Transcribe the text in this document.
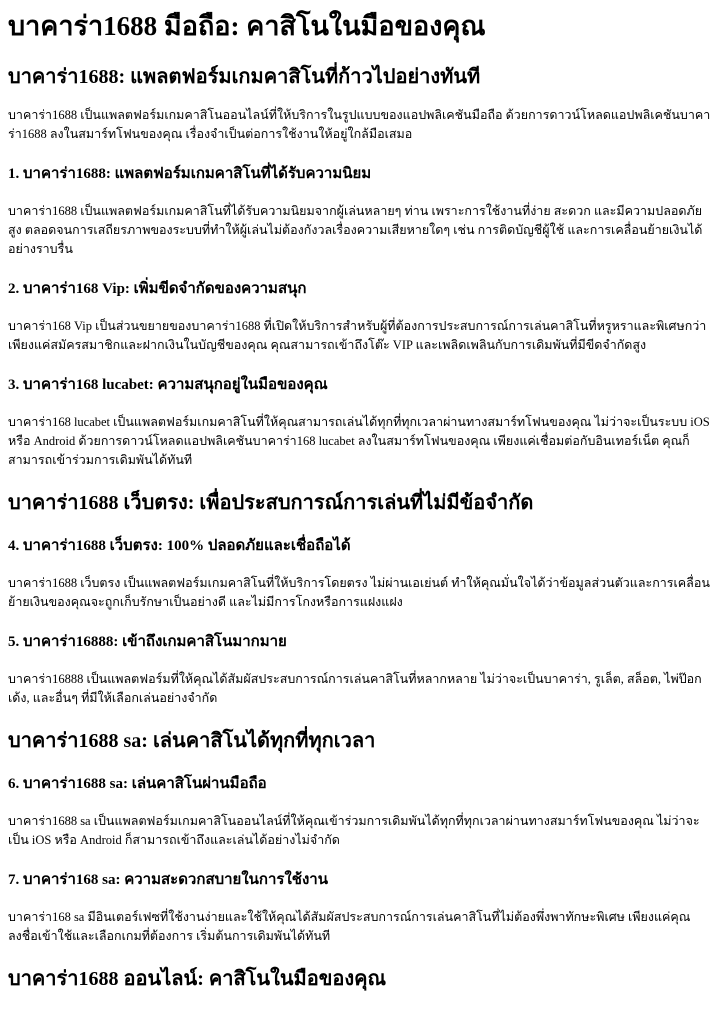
บาคาร่า1688 มือถือ: คาสิโนในมือของคุณ
บาคาร่า1688: แพลตฟอร์มเกมคาสิโนที่ก้าวไปอย่างทันที

บาคาร่า1688 เป็นแพลตฟอร์มเกมคาสิโนออนไลน์ที่ให้บริการในรูปแบบของแอปพลิเคชันมือถือ ด้วยการดาวน์โหลดแอปพลิเคชันบาคาร่า1688 ลงในสมาร์ทโฟนของคุณ เรื่องจำเป็นต่อการใช้งานให้อยู่ใกล้มือเสมอ

1. บาคาร่า1688: แพลตฟอร์มเกมคาสิโนที่ได้รับความนิยม

บาคาร่า1688 เป็นแพลตฟอร์มเกมคาสิโนที่ได้รับความนิยมจากผู้เล่นหลายๆ ท่าน เพราะการใช้งานที่ง่าย สะดวก และมีความปลอดภัยสูง ตลอดจนการเสถียรภาพของระบบที่ทำให้ผู้เล่นไม่ต้องกังวลเรื่องความเสียหายใดๆ เช่น การติดบัญชีผู้ใช้ และการเคลื่อนย้ายเงินได้อย่างราบรื่น

2. บาคาร่า168 Vip: เพิ่มขีดจำกัดของความสนุก

บาคาร่า168 Vip เป็นส่วนขยายของบาคาร่า1688 ที่เปิดให้บริการสำหรับผู้ที่ต้องการประสบการณ์การเล่นคาสิโนที่หรูหราและพิเศษกว่า เพียงแค่สมัครสมาชิกและฝากเงินในบัญชีของคุณ คุณสามารถเข้าถึงโต๊ะ VIP และเพลิดเพลินกับการเดิมพันที่มีขีดจำกัดสูง

3. บาคาร่า168 lucabet: ความสนุกอยู่ในมือของคุณ

บาคาร่า168 lucabet เป็นแพลตฟอร์มเกมคาสิโนที่ให้คุณสามารถเล่นได้ทุกที่ทุกเวลาผ่านทางสมาร์ทโฟนของคุณ ไม่ว่าจะเป็นระบบ iOS หรือ Android ด้วยการดาวน์โหลดแอปพลิเคชันบาคาร่า168 lucabet ลงในสมาร์ทโฟนของคุณ เพียงแค่เชื่อมต่อกับอินเทอร์เน็ต คุณก็สามารถเข้าร่วมการเดิมพันได้ทันที

บาคาร่า1688 เว็บตรง: เพื่อประสบการณ์การเล่นที่ไม่มีข้อจำกัด
4. บาคาร่า1688 เว็บตรง: 100% ปลอดภัยและเชื่อถือได้

บาคาร่า1688 เว็บตรง เป็นแพลตฟอร์มเกมคาสิโนที่ให้บริการโดยตรง ไม่ผ่านเอเย่นต์ ทำให้คุณมั่นใจได้ว่าข้อมูลส่วนตัวและการเคลื่อนย้ายเงินของคุณจะถูกเก็บรักษาเป็นอย่างดี และไม่มีการโกงหรือการแฝงแฝง

5. บาคาร่า16888: เข้าถึงเกมคาสิโนมากมาย

บาคาร่า16888 เป็นแพลตฟอร์มที่ให้คุณได้สัมผัสประสบการณ์การเล่นคาสิโนที่หลากหลาย ไม่ว่าจะเป็นบาคาร่า, รูเล็ต, สล็อต, ไพ่ป๊อกเด้ง, และอื่นๆ ที่มีให้เลือกเล่นอย่างจำกัด

บาคาร่า1688 sa: เล่นคาสิโนได้ทุกที่ทุกเวลา
6. บาคาร่า1688 sa: เล่นคาสิโนผ่านมือถือ

บาคาร่า1688 sa เป็นแพลตฟอร์มเกมคาสิโนออนไลน์ที่ให้คุณเข้าร่วมการเดิมพันได้ทุกที่ทุกเวลาผ่านทางสมาร์ทโฟนของคุณ ไม่ว่าจะเป็น iOS หรือ Android ก็สามารถเข้าถึงและเล่นได้อย่างไม่จำกัด

7. บาคาร่า168 sa: ความสะดวกสบายในการใช้งาน

บาคาร่า168 sa มีอินเตอร์เฟซที่ใช้งานง่ายและใช้ให้คุณได้สัมผัสประสบการณ์การเล่นคาสิโนที่ไม่ต้องพึ่งพาทักษะพิเศษ เพียงแค่คุณลงชื่อเข้าใช้และเลือกเกมที่ต้องการ เริ่มต้นการเดิมพันได้ทันที

บาคาร่า1688 ออนไลน์: คาสิโนในมือของคุณ
